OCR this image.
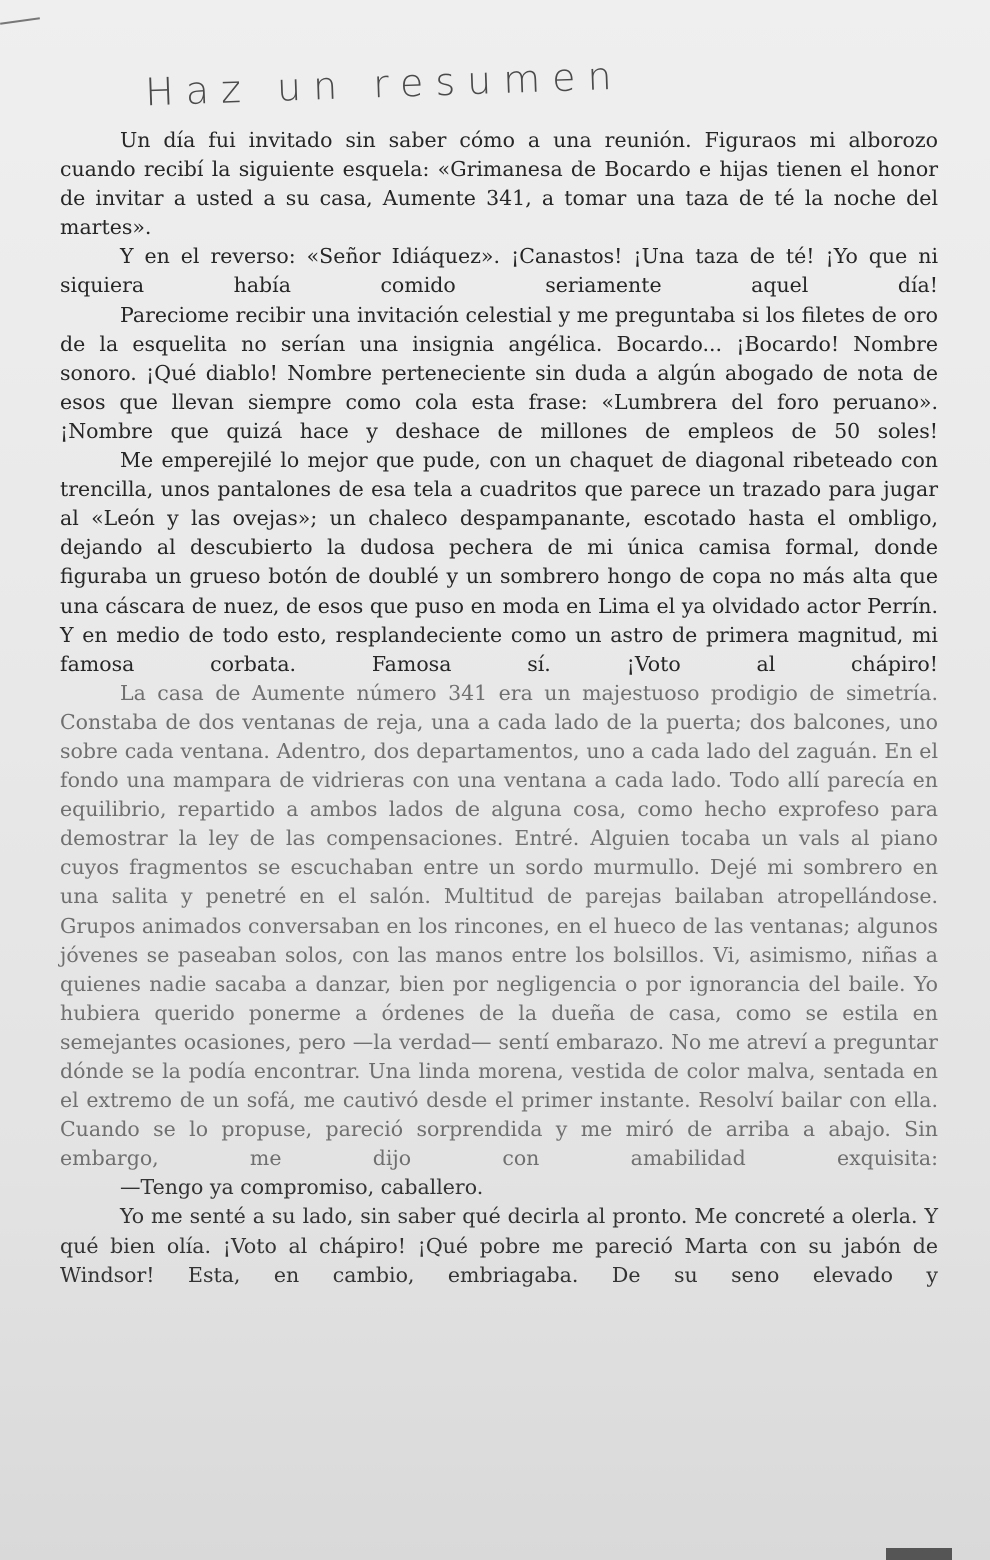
Haz un resumen

Un día fui invitado sin saber cómo a una reunión. Figuraos mi alborozo cuando recibí la siguiente esquela: «Grimanesa de Bocardo e hijas tienen el honor de invitar a usted a su casa, Aumente 341, a tomar una taza de té la noche del martes».

Y en el reverso: «Señor Idiáquez». ¡Canastos! ¡Una taza de té! ¡Yo que ni siquiera había comido seriamente aquel día!

Pareciome recibir una invitación celestial y me preguntaba si los filetes de oro de la esquelita no serían una insignia angélica. Bocardo... ¡Bocardo! Nombre sonoro. ¡Qué diablo! Nombre perteneciente sin duda a algún abogado de nota de esos que llevan siempre como cola esta frase: «Lumbrera del foro peruano». ¡Nombre que quizá hace y deshace de millones de empleos de 50 soles!

Me emperejilé lo mejor que pude, con un chaquet de diagonal ribeteado con trencilla, unos pantalones de esa tela a cuadritos que parece un trazado para jugar al «León y las ovejas»; un chaleco despampanante, escotado hasta el ombligo, dejando al descubierto la dudosa pechera de mi única camisa formal, donde figuraba un grueso botón de doublé y un sombrero hongo de copa no más alta que una cáscara de nuez, de esos que puso en moda en Lima el ya olvidado actor Perrín. Y en medio de todo esto, resplandeciente como un astro de primera magnitud, mi famosa corbata. Famosa sí. ¡Voto al chápiro!

La casa de Aumente número 341 era un majestuoso prodigio de simetría. Constaba de dos ventanas de reja, una a cada lado de la puerta; dos balcones, uno sobre cada ventana. Adentro, dos departamentos, uno a cada lado del zaguán. En el fondo una mampara de vidrieras con una ventana a cada lado. Todo allí parecía en equilibrio, repartido a ambos lados de alguna cosa, como hecho exprofeso para demostrar la ley de las compensaciones. Entré. Alguien tocaba un vals al piano cuyos fragmentos se escuchaban entre un sordo murmullo. Dejé mi sombrero en una salita y penetré en el salón. Multitud de parejas bailaban atropellándose. Grupos animados conversaban en los rincones, en el hueco de las ventanas; algunos jóvenes se paseaban solos, con las manos entre los bolsillos. Vi, asimismo, niñas a quienes nadie sacaba a danzar, bien por negligencia o por ignorancia del baile. Yo hubiera querido ponerme a órdenes de la dueña de casa, como se estila en semejantes ocasiones, pero —la verdad— sentí embarazo. No me atreví a preguntar dónde se la podía encontrar. Una linda morena, vestida de color malva, sentada en el extremo de un sofá, me cautivó desde el primer instante. Resolví bailar con ella. Cuando se lo propuse, pareció sorprendida y me miró de arriba a abajo. Sin embargo, me dijo con amabilidad exquisita:

—Tengo ya compromiso, caballero.

Yo me senté a su lado, sin saber qué decirla al pronto. Me concreté a olerla. Y qué bien olía. ¡Voto al chápiro! ¡Qué pobre me pareció Marta con su jabón de Windsor! Esta, en cambio, embriagaba. De su seno elevado y
